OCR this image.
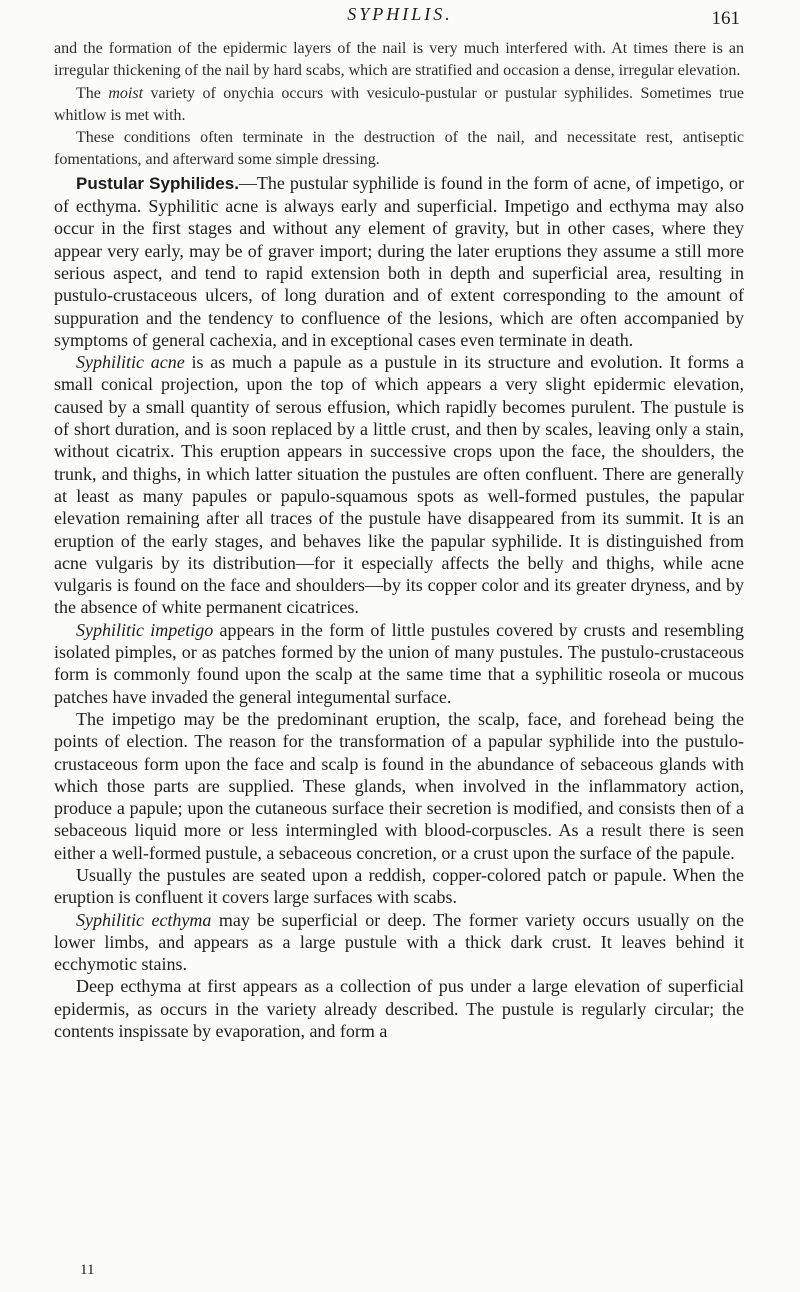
SYPHILIS.	161

and the formation of the epidermic layers of the nail is very much interfered with. At times there is an irregular thickening of the nail by hard scabs, which are stratified and occasion a dense, irregular elevation.

The moist variety of onychia occurs with vesiculo-pustular or pustular syphilides. Sometimes true whitlow is met with.

These conditions often terminate in the destruction of the nail, and necessitate rest, antiseptic fomentations, and afterward some simple dressing.

Pustular Syphilides.—The pustular syphilide is found in the form of acne, of impetigo, or of ecthyma. Syphilitic acne is always early and superficial. Impetigo and ecthyma may also occur in the first stages and without any element of gravity, but in other cases, where they appear very early, may be of graver import; during the later eruptions they assume a still more serious aspect, and tend to rapid extension both in depth and superficial area, resulting in pustulo-crustaceous ulcers, of long duration and of extent corresponding to the amount of suppuration and the tendency to confluence of the lesions, which are often accompanied by symptoms of general cachexia, and in exceptional cases even terminate in death.

Syphilitic acne is as much a papule as a pustule in its structure and evolution. It forms a small conical projection, upon the top of which appears a very slight epidermic elevation, caused by a small quantity of serous effusion, which rapidly becomes purulent. The pustule is of short duration, and is soon replaced by a little crust, and then by scales, leaving only a stain, without cicatrix. This eruption appears in successive crops upon the face, the shoulders, the trunk, and thighs, in which latter situation the pustules are often confluent. There are generally at least as many papules or papulo-squamous spots as well-formed pustules, the papular elevation remaining after all traces of the pustule have disappeared from its summit. It is an eruption of the early stages, and behaves like the papular syphilide. It is distinguished from acne vulgaris by its distribution—for it especially affects the belly and thighs, while acne vulgaris is found on the face and shoulders—by its copper color and its greater dryness, and by the absence of white permanent cicatrices.

Syphilitic impetigo appears in the form of little pustules covered by crusts and resembling isolated pimples, or as patches formed by the union of many pustules. The pustulo-crustaceous form is commonly found upon the scalp at the same time that a syphilitic roseola or mucous patches have invaded the general integumental surface.

The impetigo may be the predominant eruption, the scalp, face, and forehead being the points of election. The reason for the transformation of a papular syphilide into the pustulo-crustaceous form upon the face and scalp is found in the abundance of sebaceous glands with which those parts are supplied. These glands, when involved in the inflammatory action, produce a papule; upon the cutaneous surface their secretion is modified, and consists then of a sebaceous liquid more or less intermingled with blood-corpuscles. As a result there is seen either a well-formed pustule, a sebaceous concretion, or a crust upon the surface of the papule.

Usually the pustules are seated upon a reddish, copper-colored patch or papule. When the eruption is confluent it covers large surfaces with scabs.

Syphilitic ecthyma may be superficial or deep. The former variety occurs usually on the lower limbs, and appears as a large pustule with a thick dark crust. It leaves behind it ecchymotic stains.

Deep ecthyma at first appears as a collection of pus under a large elevation of superficial epidermis, as occurs in the variety already described. The pustule is regularly circular; the contents inspissate by evaporation, and form a

11
